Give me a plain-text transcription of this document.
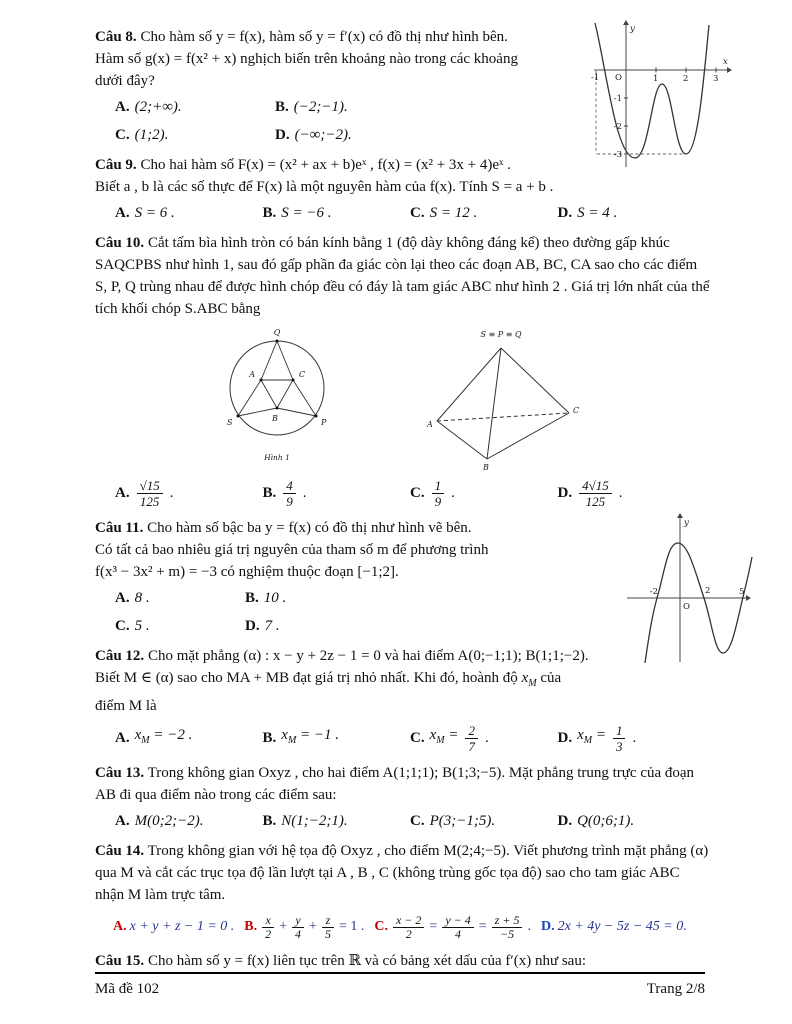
Câu 8. Cho hàm số y = f(x), hàm số y = f′(x) có đồ thị như hình bên.
Hàm số g(x) = f(x² + x) nghịch biến trên khoảng nào trong các khoảng
dưới đây?
A. (2;+∞).	B. (−2;−1).
C. (1;2).	D. (−∞;−2).
y
x
O
-1	1	2	3
-1
-2
-3
Câu 9. Cho hai hàm số F(x) = (x² + ax + b)eˣ , f(x) = (x² + 3x + 4)eˣ .
Biết a , b là các số thực để F(x) là một nguyên hàm của f(x). Tính S = a + b .
A. S = 6 .	B. S = −6 .	C. S = 12 .	D. S = 4 .
Câu 10. Cắt tấm bìa hình tròn có bán kính bằng 1 (độ dày không đáng kể) theo đường gấp khúc
SAQCPBS như hình 1, sau đó gấp phần đa giác còn lại theo các đoạn AB, BC, CA sao cho các điểm
S, P, Q trùng nhau để được hình chóp đều có đáy là tam giác ABC như hình 2 . Giá trị lớn nhất của thể
tích khối chóp S.ABC bằng
Q
A	C
B
S	P
Hình 1
S ≡ P ≡ Q
A
B
C
A. $\frac{√15}{125}$ .	B. $\frac{4}{9}$ .	C. $\frac{1}{9}$ .	D. $\frac{4√15}{125}$ .
Câu 11. Cho hàm số bậc ba y = f(x) có đồ thị như hình vẽ bên.
Có tất cả bao nhiêu giá trị nguyên của tham số m để phương trình
f(x³ − 3x² + m) = −3 có nghiệm thuộc đoạn [−1;2].
A. 8 .	B. 10 .
C. 5 .	D. 7 .
y
O
-2	2	5
Câu 12. Cho mặt phẳng (α) : x − y + 2z − 1 = 0 và hai điểm A(0;−1;1); B(1;1;−2).
Biết M ∈ (α) sao cho MA + MB đạt giá trị nhỏ nhất. Khi đó, hoành độ $x_M$ của
điểm M là
A. $x_M = -2$ .	B. $x_M = -1$ .	C. $x_M = \frac{2}{7}$ .	D. $x_M = \frac{1}{3}$ .
Câu 13. Trong không gian Oxyz , cho hai điểm A(1;1;1); B(1;3;−5). Mặt phẳng trung trực của đoạn
AB đi qua điểm nào trong các điểm sau:
A. M(0;2;−2).	B. N(1;−2;1).	C. P(3;−1;5).	D. Q(0;6;1).
Câu 14. Trong không gian với hệ tọa độ Oxyz , cho điểm M(2;4;−5). Viết phương trình mặt phẳng (α)
qua M và cắt các trục tọa độ lần lượt tại A , B , C (không trùng gốc tọa độ) sao cho tam giác ABC
nhận M làm trực tâm.
A. x + y + z − 1 = 0 . B. $\frac{x}{2} + \frac{y}{4} + \frac{z}{5} = 1$ . C. $\frac{x - 2}{2} = \frac{y - 4}{4} = \frac{z + 5}{-5}$ . D. 2x + 4y − 5z − 45 = 0.
Câu 15. Cho hàm số y = f(x) liên tục trên ℝ và có bảng xét dấu của f′(x) như sau:
Mã đề 102	Trang 2/8
